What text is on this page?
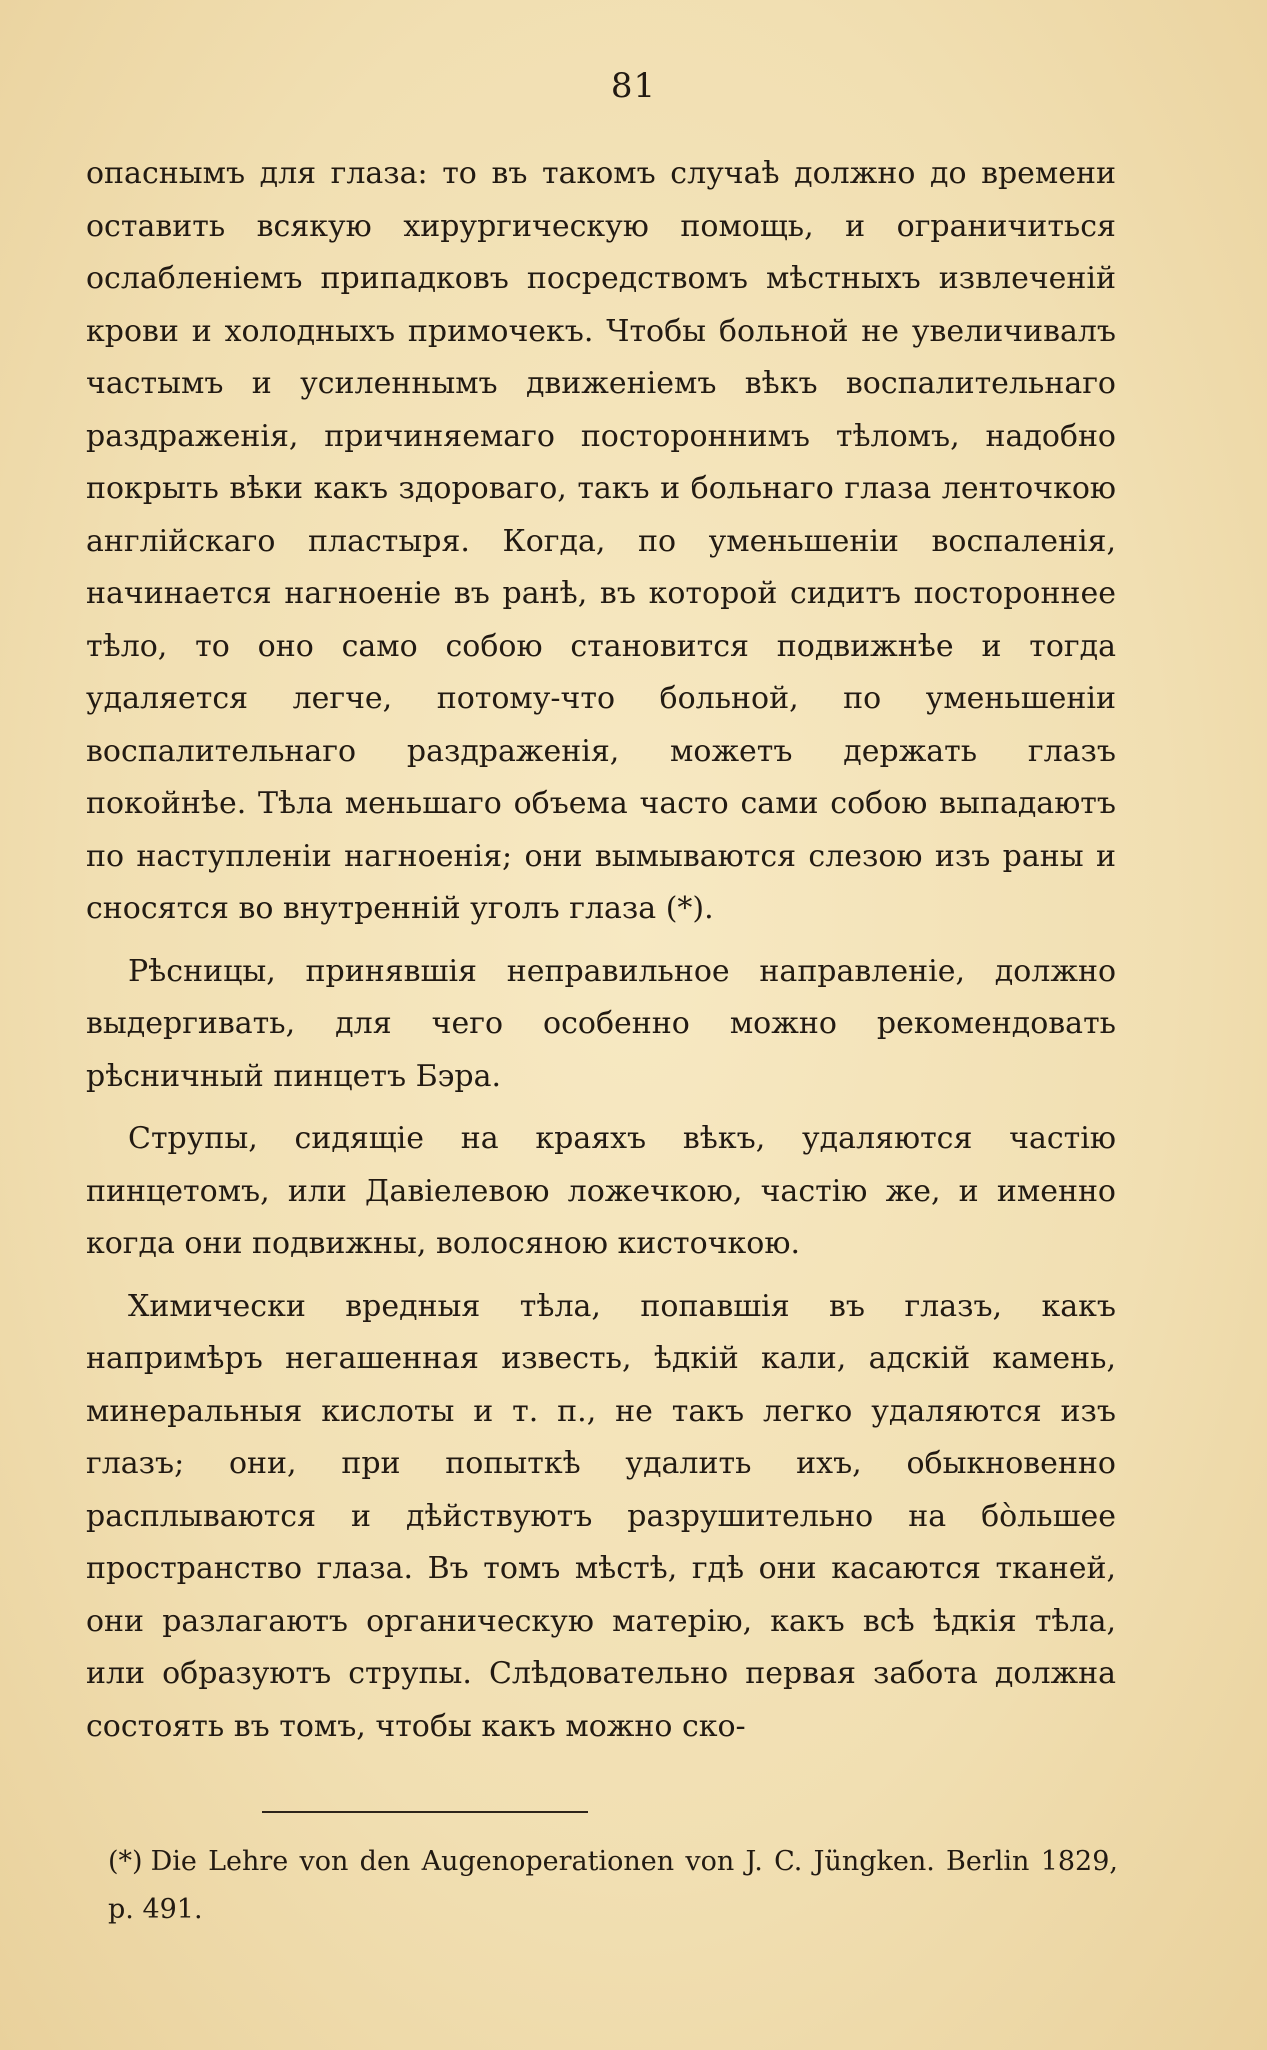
81

опаснымъ для глаза: то въ такомъ случаѣ должно до времени оставить всякую хирургическую помощь, и ограничиться ослабленіемъ припадковъ посредствомъ мѣстныхъ извлеченій крови и холодныхъ примочекъ. Чтобы больной не увеличивалъ частымъ и усиленнымъ движеніемъ вѣкъ воспалительнаго раздраженія, причиняемаго постороннимъ тѣломъ, надобно покрыть вѣки какъ здороваго, такъ и больнаго глаза ленточкою англійскаго пластыря. Когда, по уменьшеніи воспаленія, начинается нагноеніе въ ранѣ, въ которой сидитъ постороннее тѣло, то оно само собою становится подвижнѣе и тогда удаляется легче, потому-что больной, по уменьшеніи воспалительнаго раздраженія, можетъ держать глазъ покойнѣе. Тѣла меньшаго объема часто сами собою выпадаютъ по наступленіи нагноенія; они вымываются слезою изъ раны и сносятся во внутренній уголъ глаза (*).

Рѣсницы, принявшія неправильное направленіе, должно выдергивать, для чего особенно можно рекомендовать рѣсничный пинцетъ Бэра.

Струпы, сидящіе на краяхъ вѣкъ, удаляются частію пинцетомъ, или Давіелевою ложечкою, частію же, и именно когда они подвижны, волосяною кисточкою.

Химически вредныя тѣла, попавшія въ глазъ, какъ напримѣръ негашенная известь, ѣдкій кали, адскій камень, минеральныя кислоты и т. п., не такъ легко удаляются изъ глазъ; они, при попыткѣ удалить ихъ, обыкновенно расплываются и дѣйствуютъ разрушительно на бо̀льшее пространство глаза. Въ томъ мѣстѣ, гдѣ они касаются тканей, они разлагаютъ органическую матерію, какъ всѣ ѣдкія тѣла, или образуютъ струпы. Слѣдовательно первая забота должна состоять въ томъ, чтобы какъ можно ско-

(*) Die Lehre von den Augenoperationen von J. C. Jüngken. Berlin 1829, p. 491.
